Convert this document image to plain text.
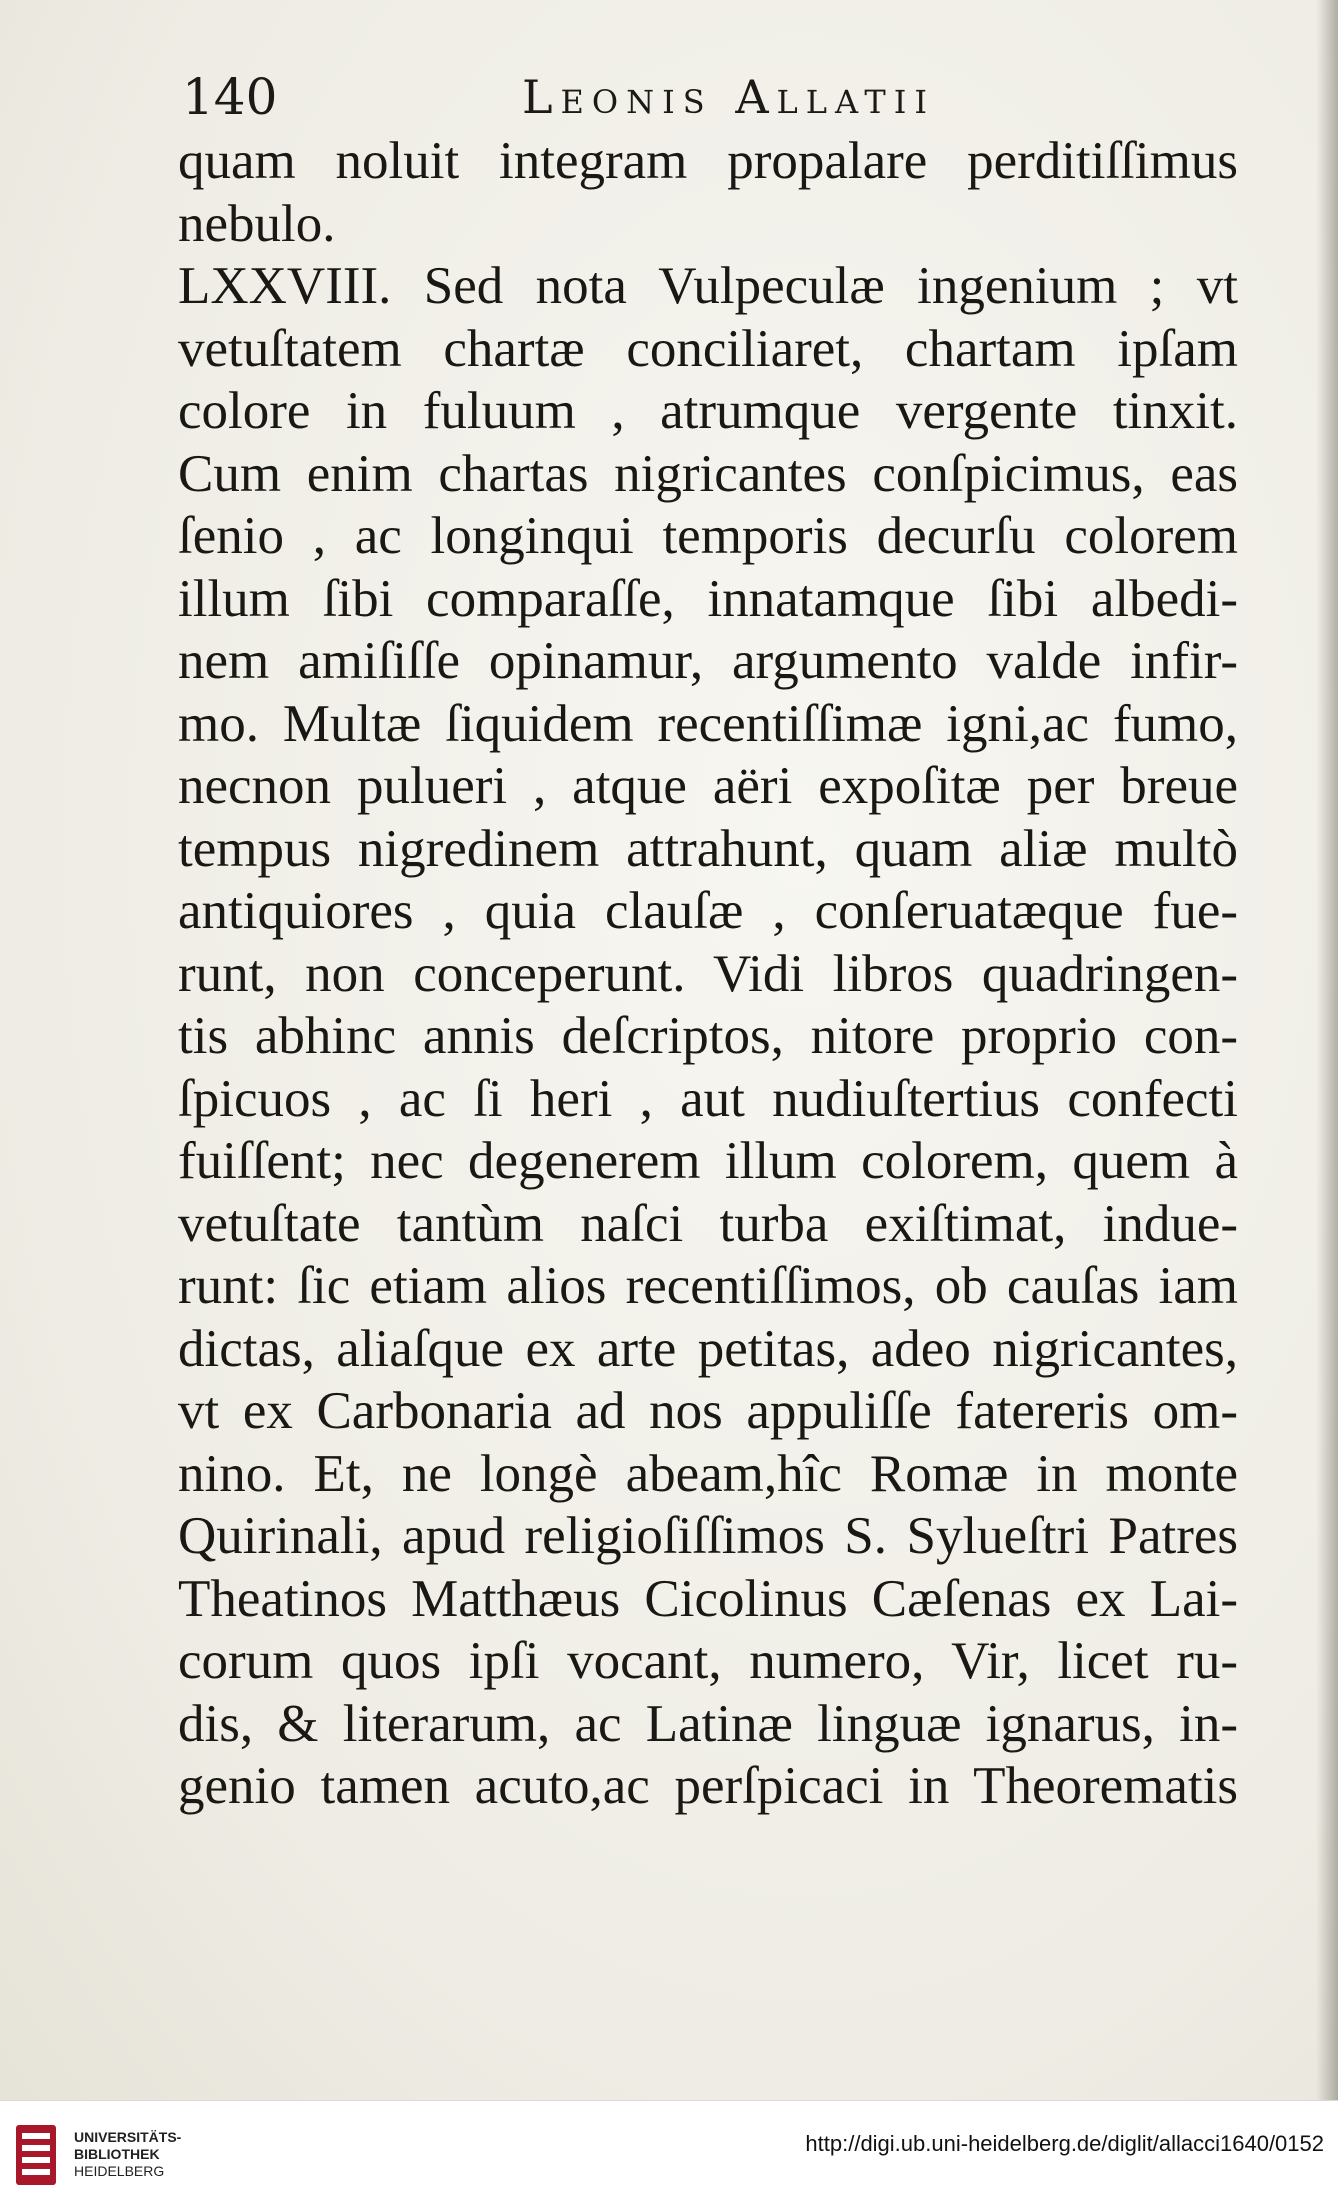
140	Leonis Allatii
quam noluit integram propalare perditiſſimus
nebulo.
LXXVIII. Sed nota Vulpeculæ ingenium ; vt
vetuſtatem chartæ conciliaret, chartam ipſam
colore in fuluum , atrumque vergente tinxit.
Cum enim chartas nigricantes conſpicimus, eas
ſenio , ac longinqui temporis decurſu colorem
illum ſibi comparaſſe, innatamque ſibi albedi-
nem amiſiſſe opinamur, argumento valde infir-
mo. Multæ ſiquidem recentiſſimæ igni,ac fumo,
necnon pulueri , atque aëri expoſitæ per breue
tempus nigredinem attrahunt, quam aliæ multò
antiquiores , quia clauſæ , conſeruatæque fue-
runt, non conceperunt. Vidi libros quadringen-
tis abhinc annis deſcriptos, nitore proprio con-
ſpicuos , ac ſi heri , aut nudiuſtertius confecti
fuiſſent; nec degenerem illum colorem, quem à
vetuſtate tantùm naſci turba exiſtimat, indue-
runt: ſic etiam alios recentiſſimos, ob cauſas iam
dictas, aliaſque ex arte petitas, adeo nigricantes,
vt ex Carbonaria ad nos appuliſſe fatereris om-
nino. Et, ne longè abeam,hîc Romæ in monte
Quirinali, apud religioſiſſimos S. Sylueſtri Patres
Theatinos Matthæus Cicolinus Cæſenas ex Lai-
corum quos ipſi vocant, numero, Vir, licet ru-
dis, & literarum, ac Latinæ linguæ ignarus, in-
genio tamen acuto,ac perſpicaci in Theorematis
UNIVERSITÄTS-
BIBLIOTHEK
HEIDELBERG
http://digi.ub.uni-heidelberg.de/diglit/allacci1640/0152
